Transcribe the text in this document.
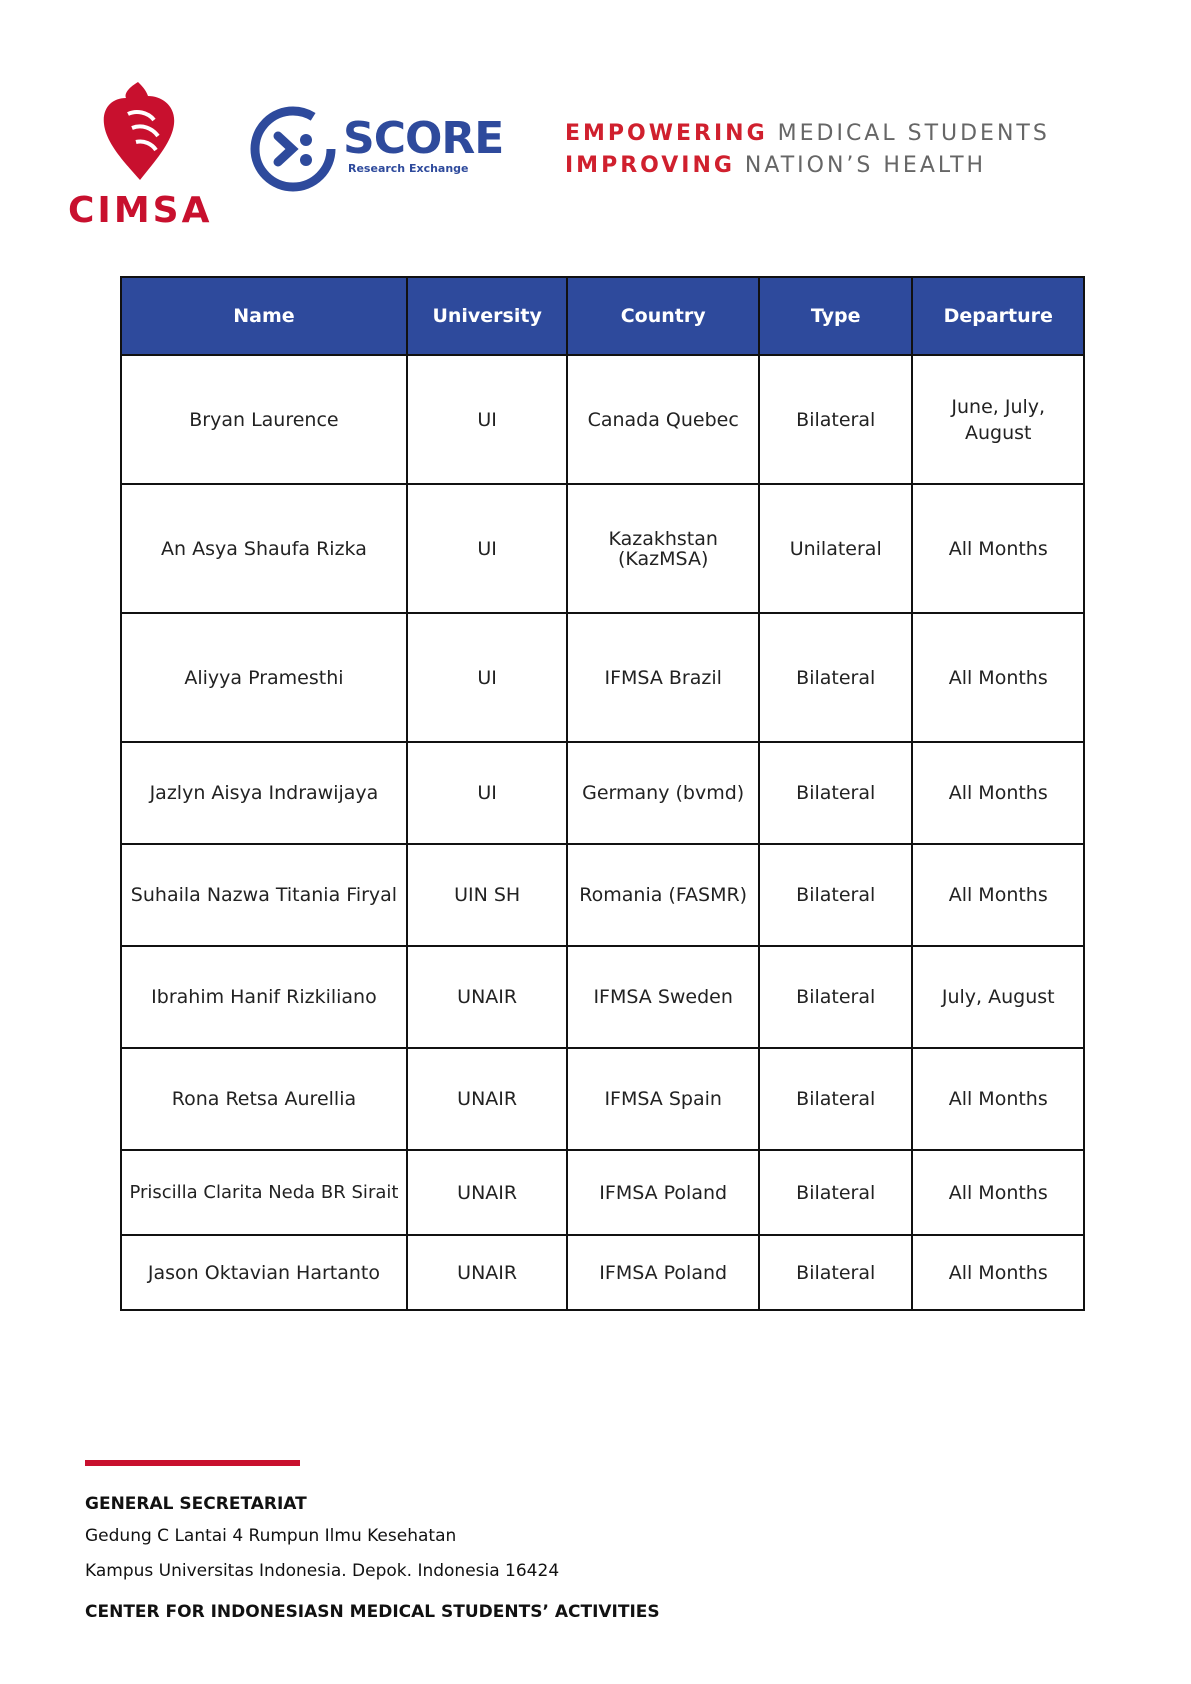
CIMSA
SCORE
Research Exchange
EMPOWERING MEDICAL STUDENTS
IMPROVING NATION’S HEALTH
Name	University	Country	Type	Departure
Bryan Laurence	UI	Canada Quebec	Bilateral	June, July, August
An Asya Shaufa Rizka	UI	Kazakhstan (KazMSA)	Unilateral	All Months
Aliyya Pramesthi	UI	IFMSA Brazil	Bilateral	All Months
Jazlyn Aisya Indrawijaya	UI	Germany (bvmd)	Bilateral	All Months
Suhaila Nazwa Titania Firyal	UIN SH	Romania (FASMR)	Bilateral	All Months
Ibrahim Hanif Rizkiliano	UNAIR	IFMSA Sweden	Bilateral	July, August
Rona Retsa Aurellia	UNAIR	IFMSA Spain	Bilateral	All Months
Priscilla Clarita Neda BR Sirait	UNAIR	IFMSA Poland	Bilateral	All Months
Jason Oktavian Hartanto	UNAIR	IFMSA Poland	Bilateral	All Months
GENERAL SECRETARIAT
Gedung C Lantai 4 Rumpun Ilmu Kesehatan
Kampus Universitas Indonesia. Depok. Indonesia 16424
CENTER FOR INDONESIASN MEDICAL STUDENTS’ ACTIVITIES
